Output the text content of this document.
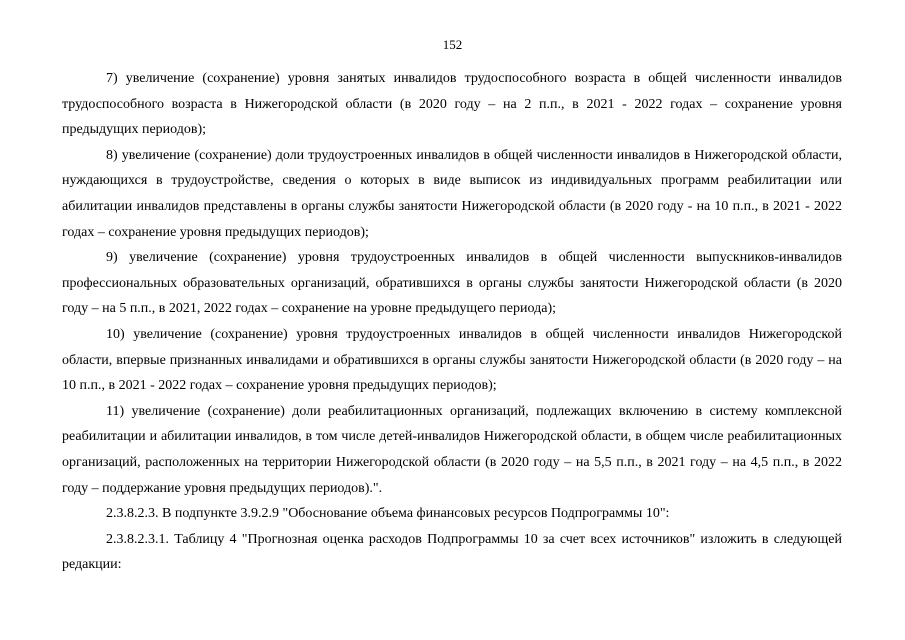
152

7) увеличение (сохранение) уровня занятых инвалидов трудоспособного возраста в общей численности инвалидов трудоспособного возраста в Нижегородской области (в 2020 году – на 2 п.п., в 2021 - 2022 годах – сохранение уровня предыдущих периодов);

8) увеличение (сохранение) доли трудоустроенных инвалидов в общей численности инвалидов в Нижегородской области, нуждающихся в трудоустройстве, сведения о которых в виде выписок из индивидуальных программ реабилитации или абилитации инвалидов представлены в органы службы занятости Нижегородской области (в 2020 году - на 10 п.п., в 2021 - 2022 годах – сохранение уровня предыдущих периодов);

9) увеличение (сохранение) уровня трудоустроенных инвалидов в общей численности выпускников-инвалидов профессиональных образовательных организаций, обратившихся в органы службы занятости Нижегородской области (в 2020 году – на 5 п.п., в 2021, 2022 годах – сохранение на уровне предыдущего периода);

10) увеличение (сохранение) уровня трудоустроенных инвалидов в общей численности инвалидов Нижегородской области, впервые признанных инвалидами и обратившихся в органы службы занятости Нижегородской области (в 2020 году – на 10 п.п., в 2021 - 2022 годах – сохранение уровня предыдущих периодов);

11) увеличение (сохранение) доли реабилитационных организаций, подлежащих включению в систему комплексной реабилитации и абилитации инвалидов, в том числе детей-инвалидов Нижегородской области, в общем числе реабилитационных организаций, расположенных на территории Нижегородской области (в 2020 году – на 5,5 п.п., в 2021 году – на 4,5 п.п., в 2022 году – поддержание уровня предыдущих периодов).".

2.3.8.2.3. В подпункте 3.9.2.9 "Обоснование объема финансовых ресурсов Подпрограммы 10":

2.3.8.2.3.1. Таблицу 4 "Прогнозная оценка расходов Подпрограммы 10 за счет всех источников" изложить в следующей редакции:
